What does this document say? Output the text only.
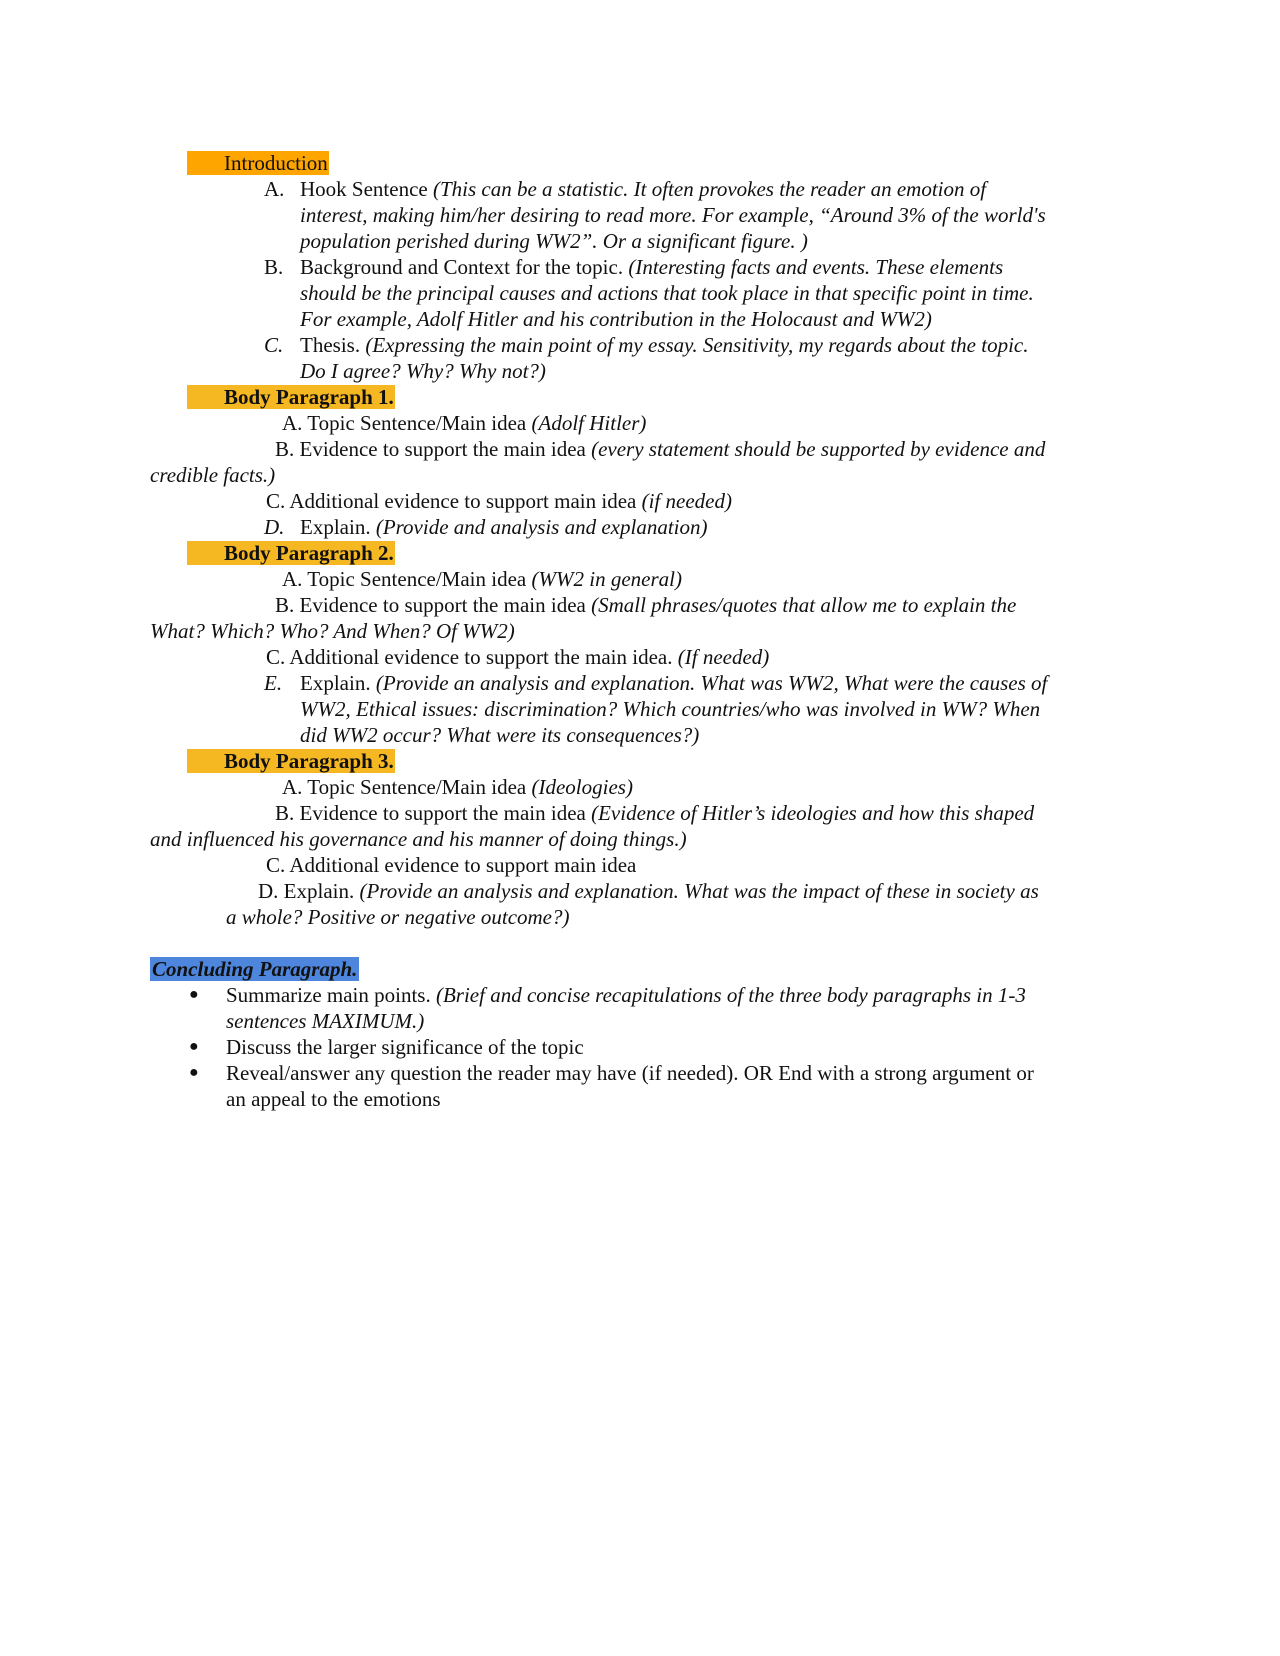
Introduction
A. Hook Sentence (This can be a statistic. It often provokes the reader an emotion of
interest, making him/her desiring to read more. For example, “Around 3% of the world's
population perished during WW2”. Or a significant figure. )
B. Background and Context for the topic. (Interesting facts and events. These elements
should be the principal causes and actions that took place in that specific point in time.
For example, Adolf Hitler and his contribution in the Holocaust and WW2)
C. Thesis. (Expressing the main point of my essay. Sensitivity, my regards about the topic.
Do I agree? Why? Why not?)
Body Paragraph 1.
A. Topic Sentence/Main idea (Adolf Hitler)
B. Evidence to support the main idea (every statement should be supported by evidence and
credible facts.)
C. Additional evidence to support main idea (if needed)
D. Explain. (Provide and analysis and explanation)
Body Paragraph 2.
A. Topic Sentence/Main idea (WW2 in general)
B. Evidence to support the main idea (Small phrases/quotes that allow me to explain the
What? Which? Who? And When? Of WW2)
C. Additional evidence to support the main idea. (If needed)
E. Explain. (Provide an analysis and explanation. What was WW2, What were the causes of
WW2, Ethical issues: discrimination? Which countries/who was involved in WW? When
did WW2 occur? What were its consequences?)
Body Paragraph 3.
A. Topic Sentence/Main idea (Ideologies)
B. Evidence to support the main idea (Evidence of Hitler’s ideologies and how this shaped
and influenced his governance and his manner of doing things.)
C. Additional evidence to support main idea
D. Explain. (Provide an analysis and explanation. What was the impact of these in society as
a whole? Positive or negative outcome?)
Concluding Paragraph.
● Summarize main points. (Brief and concise recapitulations of the three body paragraphs in 1-3
sentences MAXIMUM.)
● Discuss the larger significance of the topic
● Reveal/answer any question the reader may have (if needed). OR End with a strong argument or
an appeal to the emotions
